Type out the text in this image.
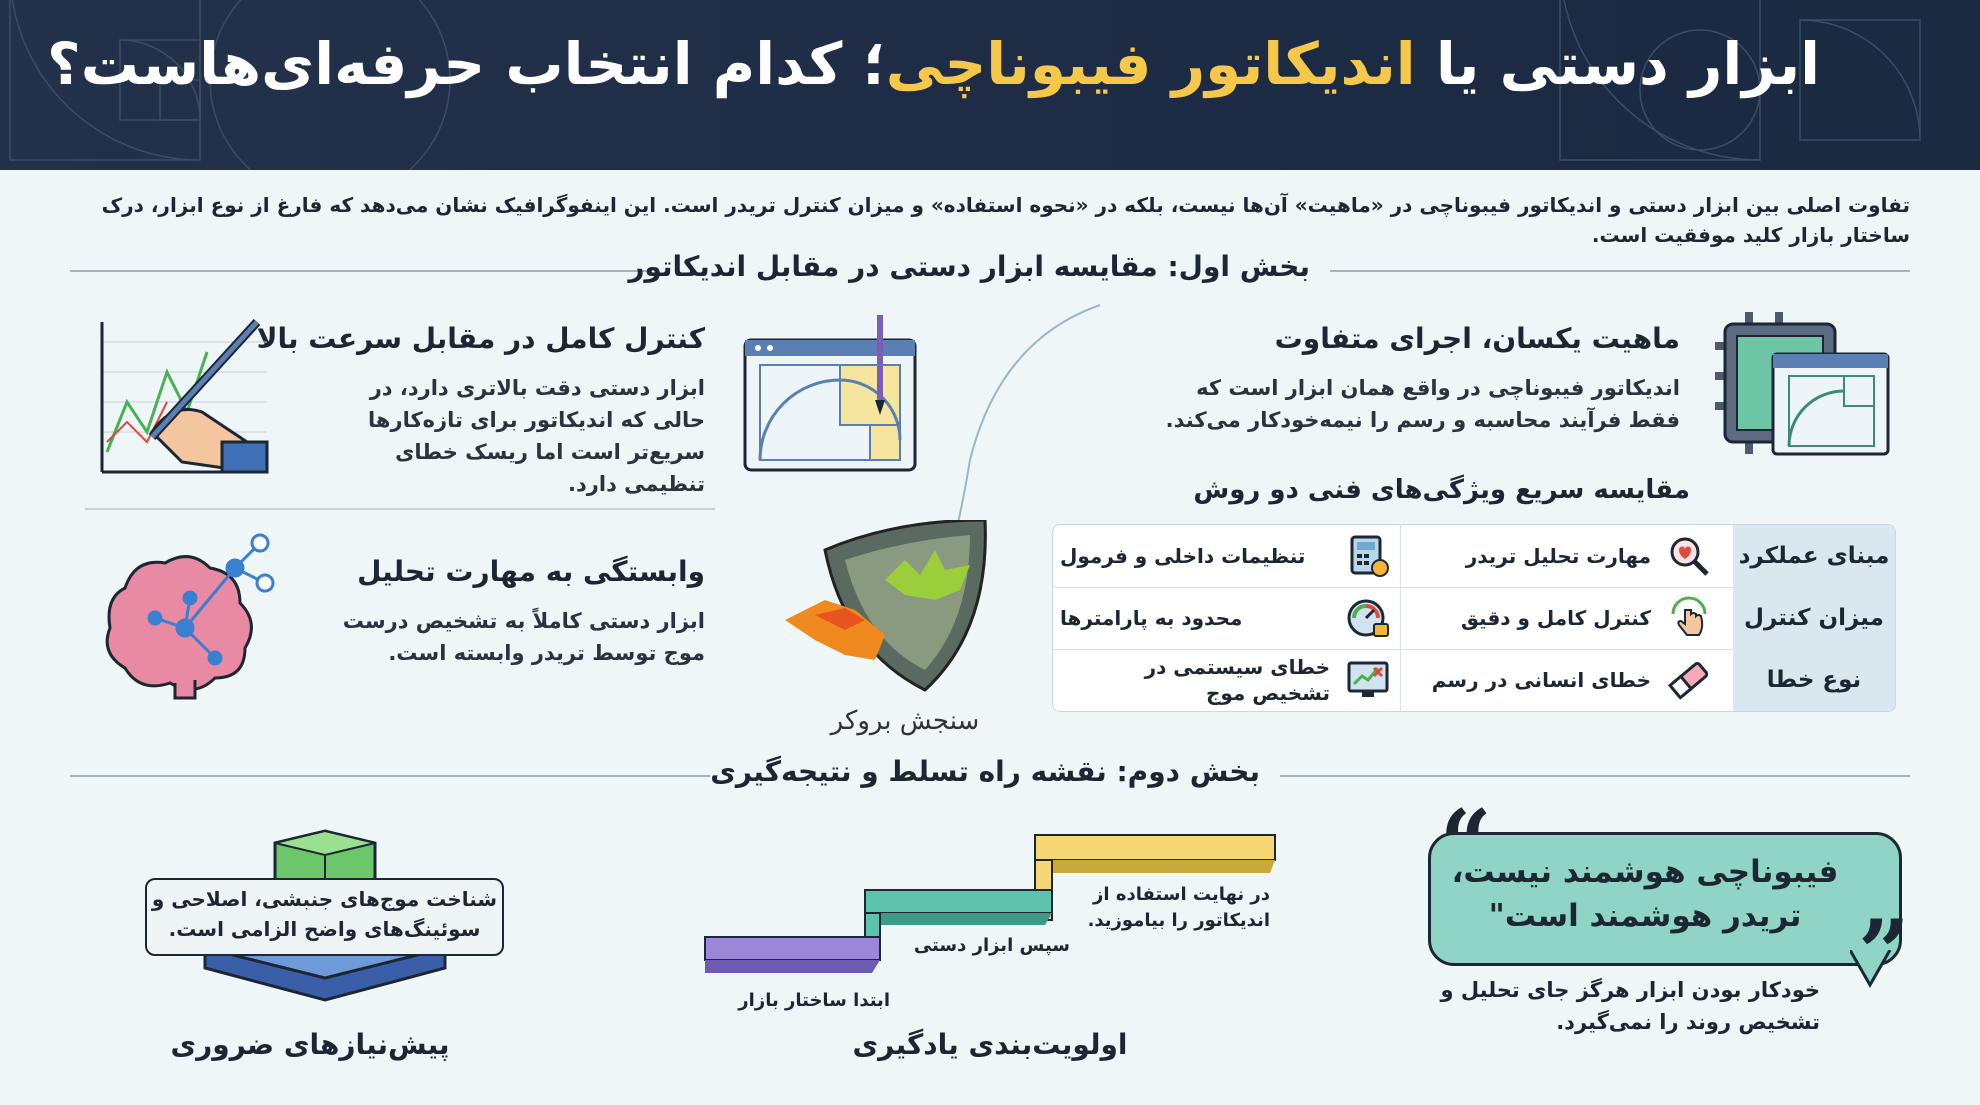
ابزار دستی یا اندیکاتور فیبوناچی؛ کدام انتخاب حرفه‌ای‌هاست؟
تفاوت اصلی بین ابزار دستی و اندیکاتور فیبوناچی در «ماهیت» آن‌ها نیست، بلکه در «نحوه استفاده» و میزان کنترل تریدر است. این اینفوگرافیک نشان می‌دهد که فارغ از نوع ابزار، درک ساختار بازار کلید موفقیت است.
بخش اول: مقایسه ابزار دستی در مقابل اندیکاتور
ماهیت یکسان، اجرای متفاوت
اندیکاتور فیبوناچی در واقع همان ابزار است که فقط فرآیند محاسبه و رسم را نیمه‌خودکار می‌کند.
کنترل کامل در مقابل سرعت بالا
ابزار دستی دقت بالاتری دارد، در حالی که اندیکاتور برای تازه‌کارها سریع‌تر است اما ریسک خطای تنظیمی دارد.
وابستگی به مهارت تحلیل
ابزار دستی کاملاً به تشخیص درست موج توسط تریدر وابسته است.
سنجش بروکر
مقایسه سریع ویژگی‌های فنی دو روش
مبنای عملکرد
مهارت تحلیل تریدر
تنظیمات داخلی و فرمول
میزان کنترل
کنترل کامل و دقیق
محدود به پارامترها
نوع خطا
خطای انسانی در رسم
خطای سیستمی در تشخیص موج
بخش دوم: نقشه راه تسلط و نتیجه‌گیری
”
فیبوناچی هوشمند نیست، تریدر هوشمند است"
خودکار بودن ابزار هرگز جای تحلیل و تشخیص روند را نمی‌گیرد.
ابتدا ساختار بازار
سپس ابزار دستی
در نهایت استفاده از اندیکاتور را بیاموزید.
اولویت‌بندی یادگیری
شناخت موج‌های جنبشی، اصلاحی و سوئینگ‌های واضح الزامی است.
پیش‌نیازهای ضروری
